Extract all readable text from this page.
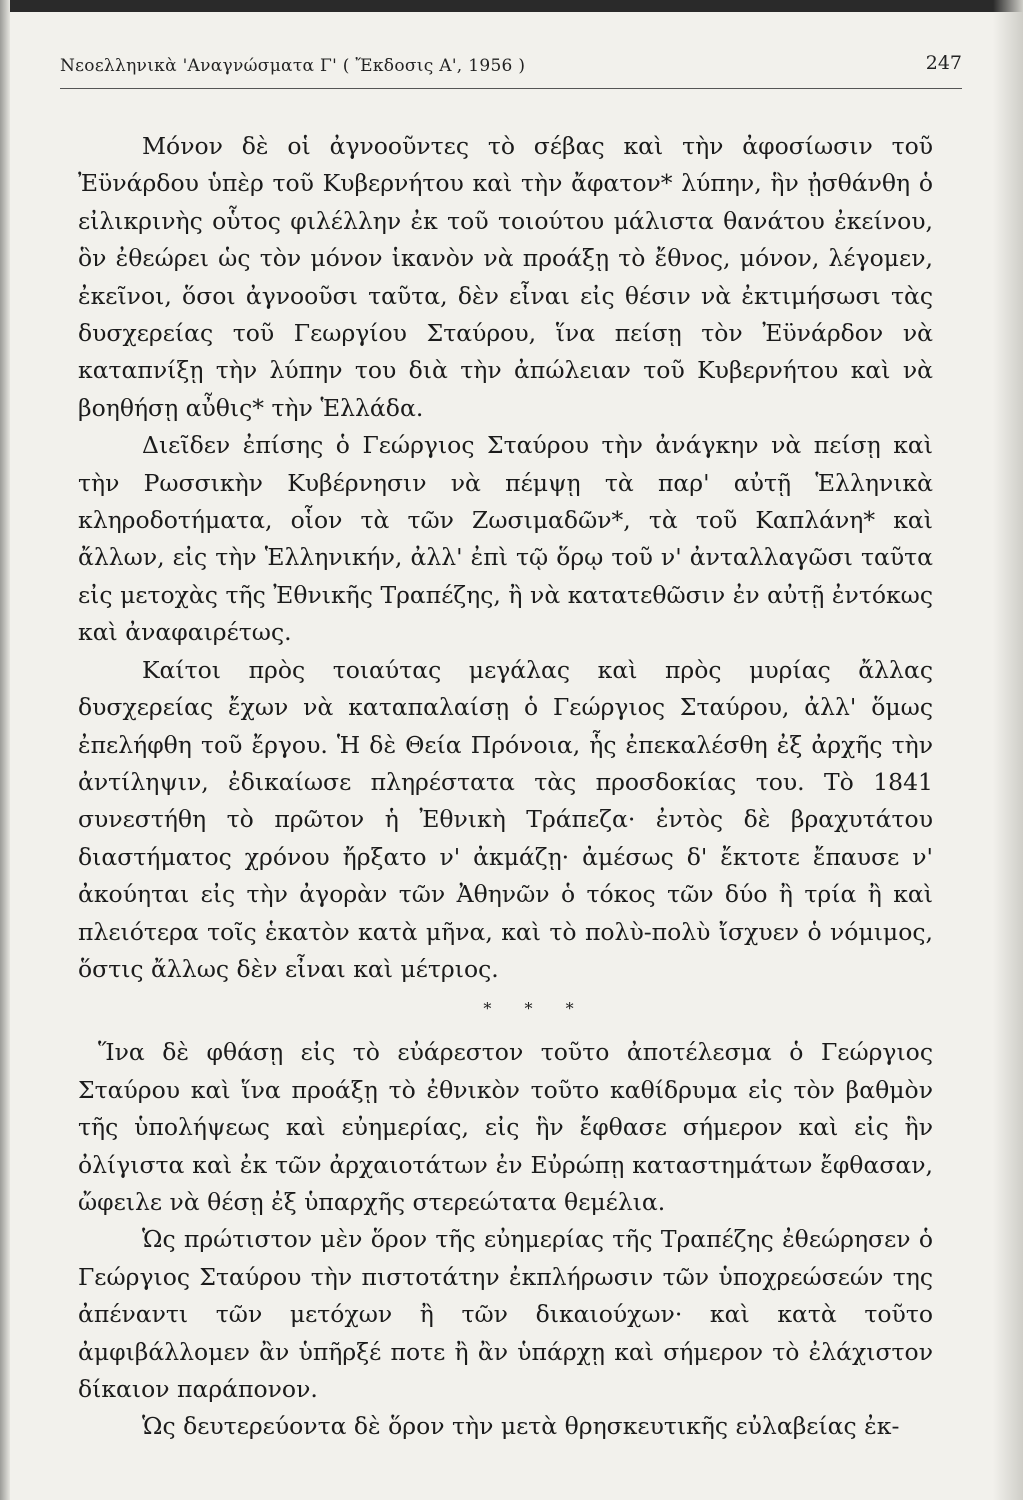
Νεοελληνικὰ 'Αναγνώσματα Γ' ( Ἔκδοσις Α', 1956 )	247

Μόνον δὲ οἱ ἀγνοοῦντες τὸ σέβας καὶ τὴν ἀφοσίωσιν τοῦ Ἐϋνάρδου ὑπὲρ τοῦ Κυβερνήτου καὶ τὴν ἄφατον* λύπην, ἣν ᾐσθάνθη ὁ εἰλικρινὴς οὗτος φιλέλλην ἐκ τοῦ τοιούτου μάλιστα θανάτου ἐκείνου, ὃν ἐθεώρει ὡς τὸν μόνον ἱκανὸν νὰ προάξῃ τὸ ἔθνος, μόνον, λέγομεν, ἐκεῖνοι, ὅσοι ἀγνοοῦσι ταῦτα, δὲν εἶναι εἰς θέσιν νὰ ἐκτιμήσωσι τὰς δυσχερείας τοῦ Γεωργίου Σταύρου, ἵνα πείσῃ τὸν Ἐϋνάρδον νὰ καταπνίξῃ τὴν λύπην του διὰ τὴν ἀπώλειαν τοῦ Κυβερνήτου καὶ νὰ βοηθήσῃ αὖθις* τὴν Ἑλλάδα.

Διεῖδεν ἐπίσης ὁ Γεώργιος Σταύρου τὴν ἀνάγκην νὰ πείσῃ καὶ τὴν Ρωσσικὴν Κυβέρνησιν νὰ πέμψῃ τὰ παρ' αὐτῇ Ἑλληνικὰ κληροδοτήματα, οἷον τὰ τῶν Ζωσιμαδῶν*, τὰ τοῦ Καπλάνη* καὶ ἄλλων, εἰς τὴν Ἑλληνικήν, ἀλλ' ἐπὶ τῷ ὅρῳ τοῦ ν' ἀνταλλαγῶσι ταῦτα εἰς μετοχὰς τῆς Ἐθνικῆς Τραπέζης, ἢ νὰ κατατεθῶσιν ἐν αὐτῇ ἐντόκως καὶ ἀναφαιρέτως.

Καίτοι πρὸς τοιαύτας μεγάλας καὶ πρὸς μυρίας ἄλλας δυσχερείας ἔχων νὰ καταπαλαίσῃ ὁ Γεώργιος Σταύρου, ἀλλ' ὅμως ἐπελήφθη τοῦ ἔργου. Ἡ δὲ Θεία Πρόνοια, ἧς ἐπεκαλέσθη ἐξ ἀρχῆς τὴν ἀντίληψιν, ἐδικαίωσε πληρέστατα τὰς προσδοκίας του. Τὸ 1841 συνεστήθη τὸ πρῶτον ἡ Ἐθνικὴ Τράπεζα· ἐντὸς δὲ βραχυτάτου διαστήματος χρόνου ἤρξατο ν' ἀκμάζῃ· ἀμέσως δ' ἔκτοτε ἔπαυσε ν' ἀκούηται εἰς τὴν ἀγορὰν τῶν Ἀθηνῶν ὁ τόκος τῶν δύο ἢ τρία ἢ καὶ πλειότερα τοῖς ἑκατὸν κατὰ μῆνα, καὶ τὸ πολὺ-πολὺ ἴσχυεν ὁ νόμιμος, ὅστις ἄλλως δὲν εἶναι καὶ μέτριος.

* * *

Ἵνα δὲ φθάσῃ εἰς τὸ εὐάρεστον τοῦτο ἀποτέλεσμα ὁ Γεώργιος Σταύρου καὶ ἵνα προάξῃ τὸ ἐθνικὸν τοῦτο καθίδρυμα εἰς τὸν βαθμὸν τῆς ὑπολήψεως καὶ εὐημερίας, εἰς ἣν ἔφθασε σήμερον καὶ εἰς ἣν ὀλίγιστα καὶ ἐκ τῶν ἀρχαιοτάτων ἐν Εὐρώπῃ καταστημάτων ἔφθασαν, ὤφειλε νὰ θέσῃ ἐξ ὑπαρχῆς στερεώτατα θεμέλια.

Ὡς πρώτιστον μὲν ὅρον τῆς εὐημερίας τῆς Τραπέζης ἐθεώρησεν ὁ Γεώργιος Σταύρου τὴν πιστοτάτην ἐκπλήρωσιν τῶν ὑποχρεώσεών της ἀπέναντι τῶν μετόχων ἢ τῶν δικαιούχων· καὶ κατὰ τοῦτο ἀμφιβάλλομεν ἂν ὑπῆρξέ ποτε ἢ ἂν ὑπάρχῃ καὶ σήμερον τὸ ἐλάχιστον δίκαιον παράπονον.

Ὡς δευτερεύοντα δὲ ὅρον τὴν μετὰ θρησκευτικῆς εὐλαβείας ἐκ-
